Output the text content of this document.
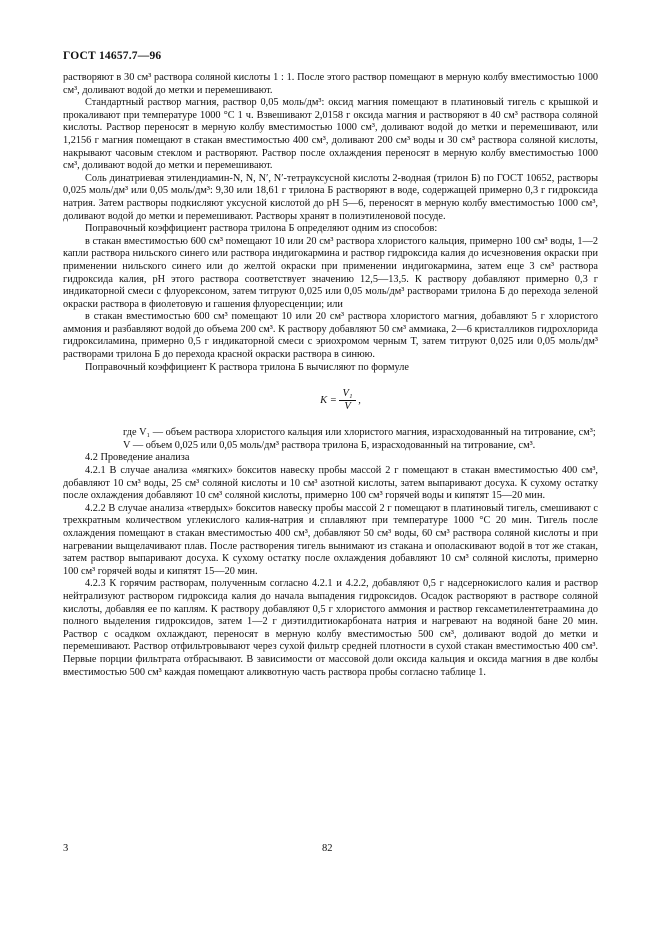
ГОСТ 14657.7—96

растворяют в 30 см³ раствора соляной кислоты 1 : 1. После этого раствор помещают в мерную колбу вместимостью 1000 см³, доливают водой до метки и перемешивают.

Стандартный раствор магния, раствор 0,05 моль/дм³: оксид магния помещают в платиновый тигель с крышкой и прокаливают при температуре 1000 °С 1 ч. Взвешивают 2,0158 г оксида магния и растворяют в 40 см³ раствора соляной кислоты. Раствор переносят в мерную колбу вместимостью 1000 см³, доливают водой до метки и перемешивают, или 1,2156 г магния помещают в стакан вместимостью 400 см³, доливают 200 см³ воды и 30 см³ раствора соляной кислоты, накрывают часовым стеклом и растворяют. Раствор после охлаждения переносят в мерную колбу вместимостью 1000 см³, доливают водой до метки и перемешивают.

Соль динатриевая этилендиамин-N, N, N′, N′-тетрауксусной кислоты 2-водная (трилон Б) по ГОСТ 10652, растворы 0,025 моль/дм³ или 0,05 моль/дм³: 9,30 или 18,61 г трилона Б растворяют в воде, содержащей примерно 0,3 г гидроксида натрия. Затем растворы подкисляют уксусной кислотой до pH 5—6, переносят в мерную колбу вместимостью 1000 см³, доливают водой до метки и перемешивают. Растворы хранят в полиэтиленовой посуде.

Поправочный коэффициент раствора трилона Б определяют одним из способов:

в стакан вместимостью 600 см³ помещают 10 или 20 см³ раствора хлористого кальция, примерно 100 см³ воды, 1—2 капли раствора нильского синего или раствора индигокармина и раствор гидроксида калия до исчезновения окраски при применении нильского синего или до желтой окраски при применении индигокармина, затем еще 3 см³ раствора гидроксида калия, pH этого раствора соответствует значению 12,5—13,5. К раствору добавляют примерно 0,3 г индикаторной смеси с флуорексоном, затем титруют 0,025 или 0,05 моль/дм³ растворами трилона Б до перехода зеленой окраски раствора в фиолетовую и гашения флуоресценции; или

в стакан вместимостью 600 см³ помещают 10 или 20 см³ раствора хлористого магния, добавляют 5 г хлористого аммония и разбавляют водой до объема 200 см³. К раствору добавляют 50 см³ аммиака, 2—6 кристалликов гидрохлорида гидроксиламина, примерно 0,5 г индикаторной смеси с эриохромом черным Т, затем титруют 0,025 или 0,05 моль/дм³ растворами трилона Б до перехода красной окраски раствора в синюю.

Поправочный коэффициент К раствора трилона Б вычисляют по формуле

$К = \frac{\text{V₁}}{V}$ ,

где V₁ — объем раствора хлористого кальция или хлористого магния, израсходованный на титрование, см³;

V — объем 0,025 или 0,05 моль/дм³ раствора трилона Б, израсходованный на титрование, см³.

4.2 Проведение анализа

4.2.1 В случае анализа «мягких» бокситов навеску пробы массой 2 г помещают в стакан вместимостью 400 см³, добавляют 10 см³ воды, 25 см³ соляной кислоты и 10 см³ азотной кислоты, затем выпаривают досуха. К сухому остатку после охлаждения добавляют 10 см³ соляной кислоты, примерно 100 см³ горячей воды и кипятят 15—20 мин.

4.2.2 В случае анализа «твердых» бокситов навеску пробы массой 2 г помещают в платиновый тигель, смешивают с трехкратным количеством углекислого калия-натрия и сплавляют при температуре 1000 °С 20 мин. Тигель после охлаждения помещают в стакан вместимостью 400 см³, добавляют 50 см³ воды, 60 см³ раствора соляной кислоты и при нагревании выщелачивают плав. После растворения тигель вынимают из стакана и ополаскивают водой в тот же стакан, затем раствор выпаривают досуха. К сухому остатку после охлаждения добавляют 10 см³ соляной кислоты, примерно 100 см³ горячей воды и кипятят 15—20 мин.

4.2.3 К горячим растворам, полученным согласно 4.2.1 и 4.2.2, добавляют 0,5 г надсернокислого калия и раствор нейтрализуют раствором гидроксида калия до начала выпадения гидроксидов. Осадок растворяют в растворе соляной кислоты, добавляя ее по каплям. К раствору добавляют 0,5 г хлористого аммония и раствор гексаметилентетраамина до полного выделения гидроксидов, затем 1—2 г диэтилдитиокарбоната натрия и нагревают на водяной бане 20 мин. Раствор с осадком охлаждают, переносят в мерную колбу вместимостью 500 см³, доливают водой до метки и перемешивают. Раствор отфильтровывают через сухой фильтр средней плотности в сухой стакан вместимостью 400 см³. Первые порции фильтрата отбрасывают. В зависимости от массовой доли оксида кальция и оксида магния в две колбы вместимостью 500 см³ каждая помещают аликвотную часть раствора пробы согласно таблице 1.

3	82
